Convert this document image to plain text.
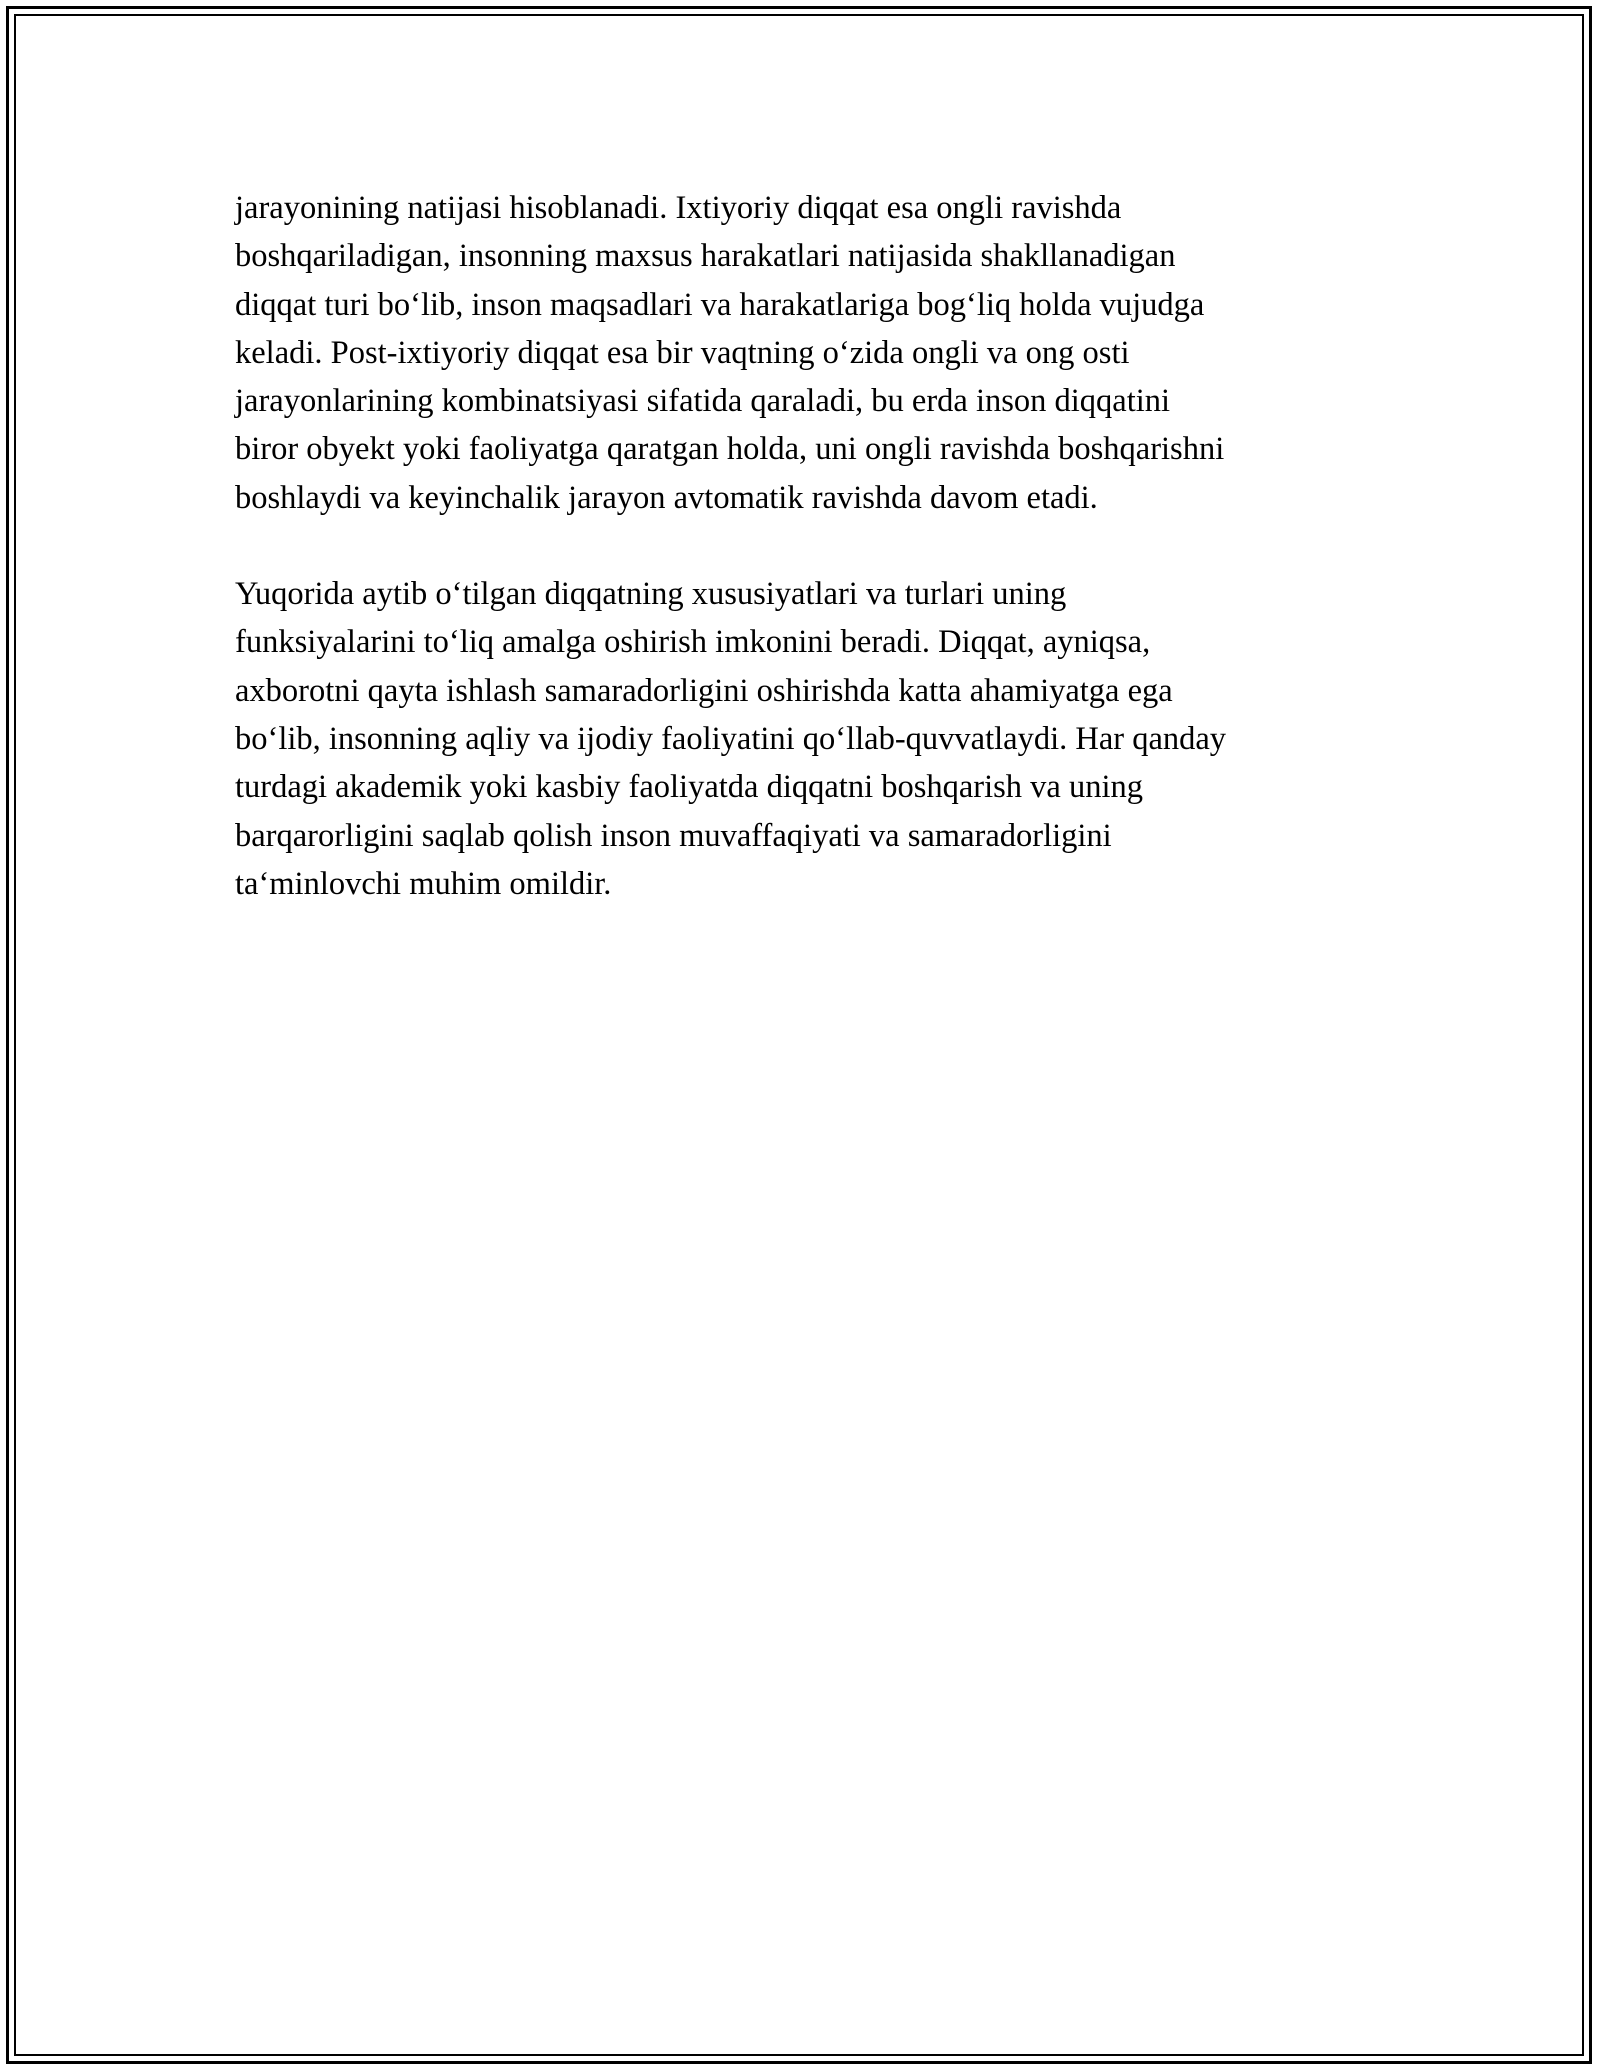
jarayonining natijasi hisoblanadi. Ixtiyoriy diqqat esa ongli ravishda
boshqariladigan, insonning maxsus harakatlari natijasida shakllanadigan
diqqat turi bo‘lib, inson maqsadlari va harakatlariga bog‘liq holda vujudga
keladi. Post-ixtiyoriy diqqat esa bir vaqtning o‘zida ongli va ong osti
jarayonlarining kombinatsiyasi sifatida qaraladi, bu erda inson diqqatini
biror obyekt yoki faoliyatga qaratgan holda, uni ongli ravishda boshqarishni
boshlaydi va keyinchalik jarayon avtomatik ravishda davom etadi.

Yuqorida aytib o‘tilgan diqqatning xususiyatlari va turlari uning
funksiyalarini to‘liq amalga oshirish imkonini beradi. Diqqat, ayniqsa,
axborotni qayta ishlash samaradorligini oshirishda katta ahamiyatga ega
bo‘lib, insonning aqliy va ijodiy faoliyatini qo‘llab-quvvatlaydi. Har qanday
turdagi akademik yoki kasbiy faoliyatda diqqatni boshqarish va uning
barqarorligini saqlab qolish inson muvaffaqiyati va samaradorligini
ta‘minlovchi muhim omildir.
